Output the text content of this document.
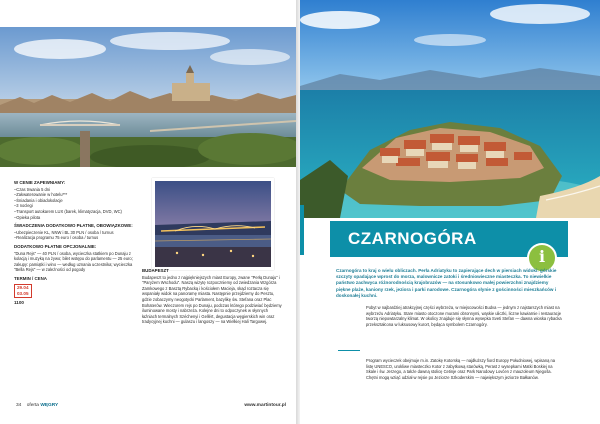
W CENIE ZAPEWNIAMY:
– Czas trwania 5 dni
– Zakwaterowanie w hotelu***
– Śniadania i obiadokolacje
– 3 noclegi
– Transport autokarem LUX (barek, klimatyzacja, DVD, WC)
– Opieka pilota
ŚWIADCZENIA DODATKOWO PŁATNE, OBOWIĄZKOWE:
– Ubezpieczenie KL, NNW i BL 30 PLN / osoba / turnus
– Realizacja programu 75 euro / osoba / turnus
DODATKOWO PŁATNE OPCJONALNIE:

"Duna Rejs" — 40 PLN / osoba, wycieczka statkiem po Dunaju z kolacją i muzyką na żywo; bilet wstępu do parlamentu — 25 euro; zakupy: pamiątki i wino — według uznania uczestnika; wycieczka "Bella Rejs" — w zależności od pogody

TERMIN / CENA
29.04
03.05
1100
BUDAPESZT

Budapeszt to jedno z najpiękniejszych miast Europy, zwane "Perłą Dunaju" i "Paryżem Wschodu". Naszą wizytę rozpoczniemy od zwiedzania Wzgórza Zamkowego z Basztą Rybacką i kościołem Macieja, skąd roztacza się wspaniały widok na panoramę miasta. Następnie przejdziemy do Pesztu, gdzie zobaczymy neogotycki Parlament, bazylikę św. Stefana oraz Plac Bohaterów. Wieczorem rejs po Dunaju, podczas którego podziwiać będziemy iluminowane mosty i nabrzeża. Kolejne dni to odpoczynek w słynnych łaźniach termalnych Széchenyi i Gellért, degustacja węgierskich win oraz tradycyjnej kuchni — gulaszu i langoszy — na Wielkiej Hali Targowej.

34 oferta WĘGRY	www.martintour.pl
CZARNOGÓRA
i
Czarnogóra to kraj o wielu obliczach. Perła Adriatyku to zapierające dech w piersiach widoki: górskie szczyty opadające wprost do morza, malownicze zatoki i średniowieczne miasteczka. To niewielkie państwo zachwyca różnorodnością krajobrazów — na stosunkowo małej powierzchni znajdziemy piękne plaże, kaniony rzek, jeziora i parki narodowe. Czarnogóra słynie z gościnności mieszkańców i doskonałej kuchni.
Pobyt w najbardziej atrakcyjnej części wybrzeża, w miejscowości Budva — jednym z najstarszych miast na wybrzeżu Adriatyku. Stare miasto otoczone murami obronnymi, wąskie uliczki, liczne kawiarnie i restauracje tworzą niepowtarzalny klimat. W okolicy znajduje się słynna wysepka Sveti Stefan — dawna wioska rybacka przekształcona w luksusowy kurort, będąca symbolem Czarnogóry.
Program wycieczek obejmuje m.in. Zatokę Kotorską — najdłuższy fiord Europy Południowej, wpisaną na listę UNESCO, urokliwe miasteczko Kotor z zabytkową starówką, Perast z wysepkami Matki Boskiej na Skale i św. Jerzego, a także dawną stolicę Cetinje oraz Park Narodowy Lovćen z mauzoleum Njegoša. Chętni mogą wziąć udział w rejsie po Jeziorze Szkoderskim — największym jeziorze Bałkanów.
